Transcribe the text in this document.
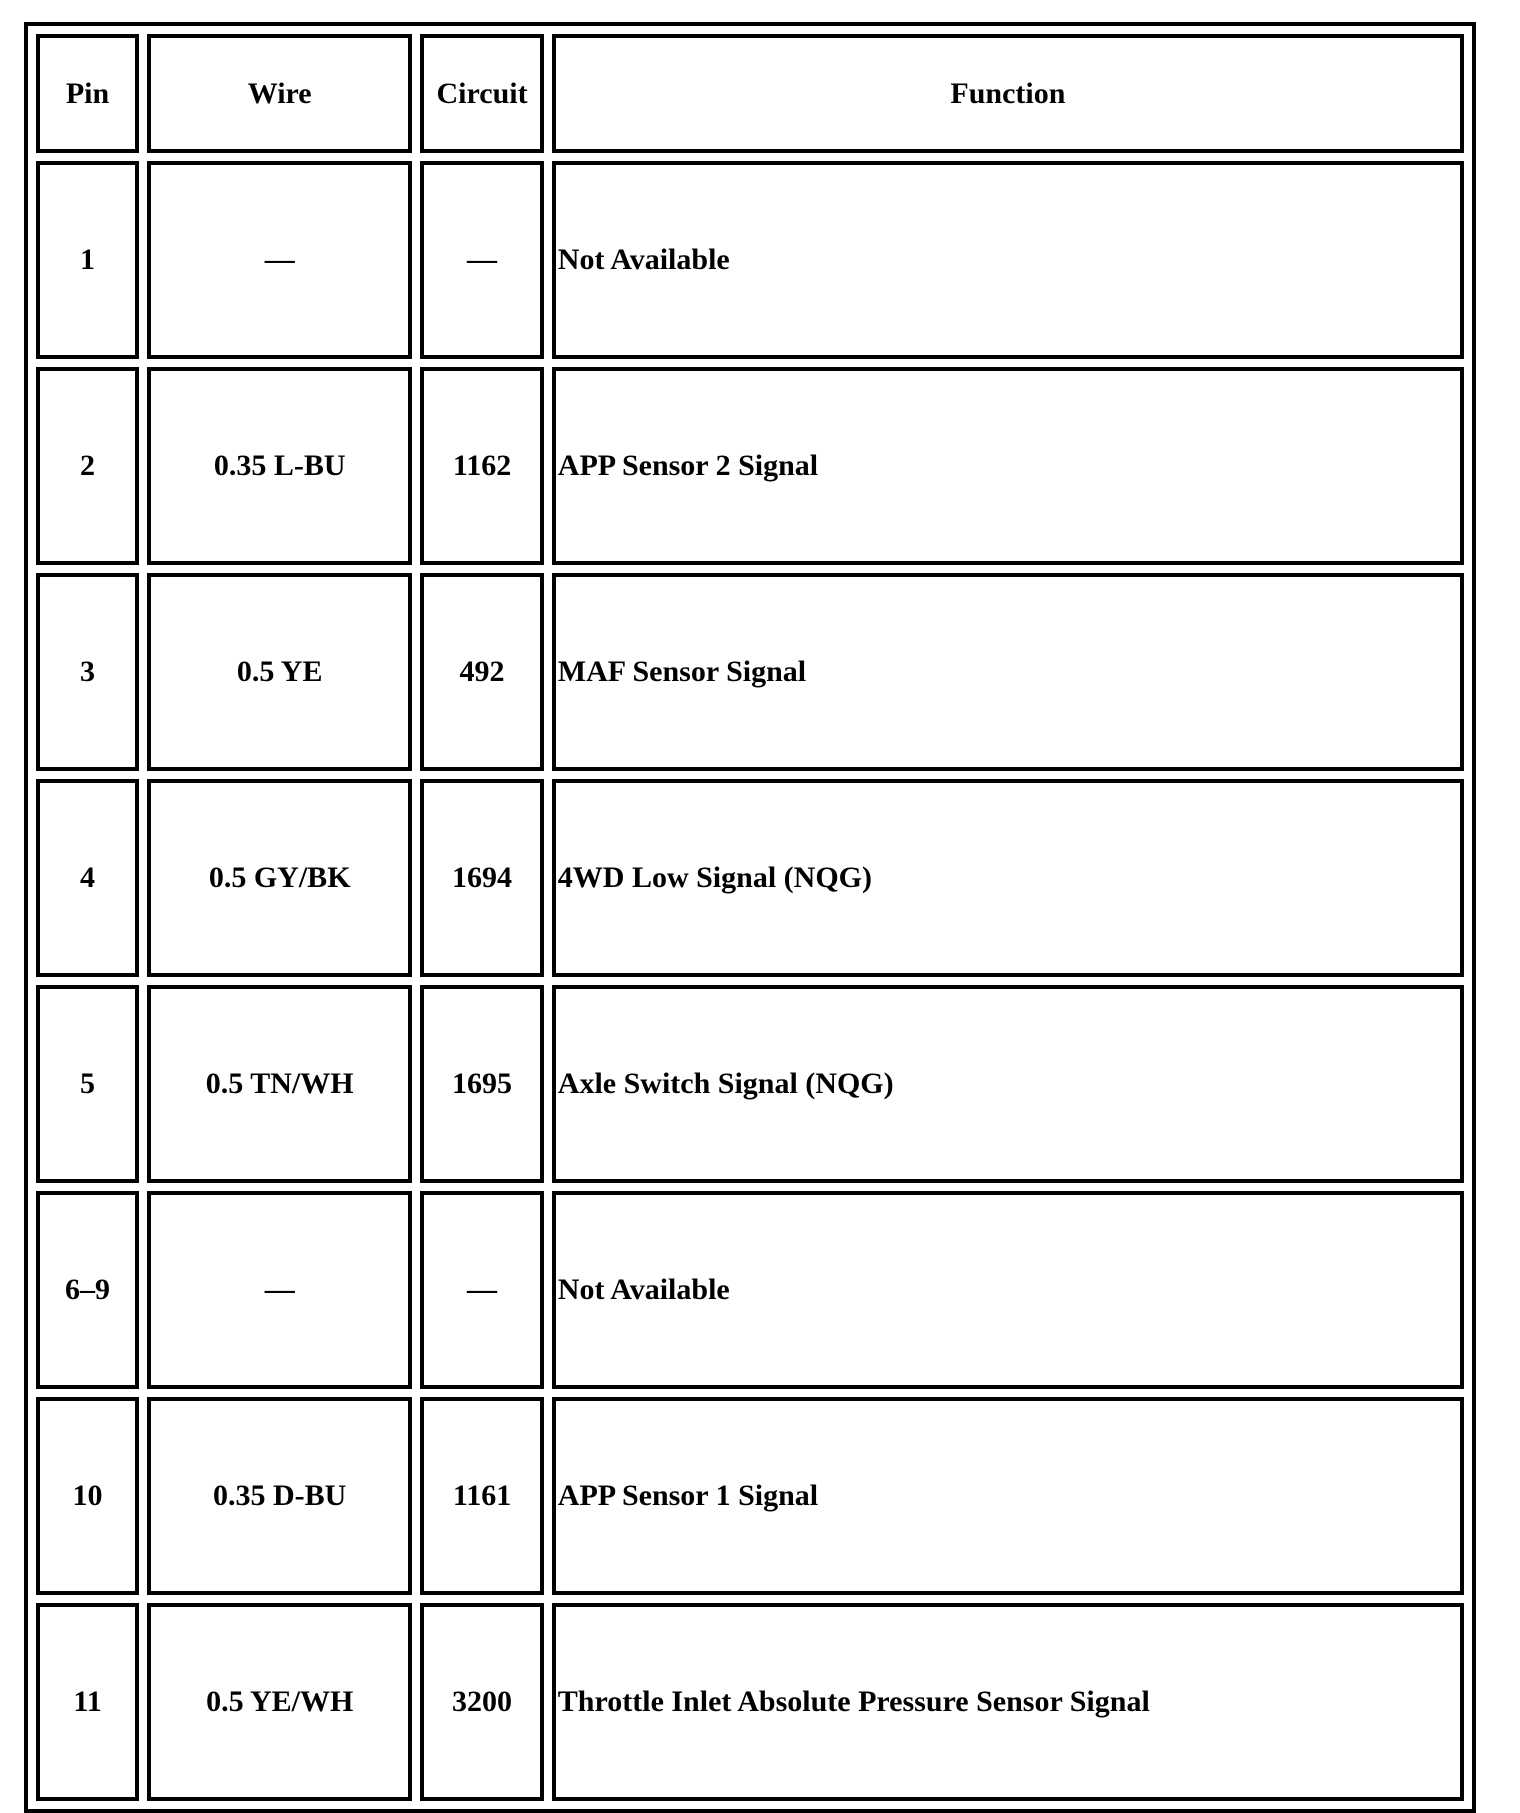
Pin	Wire	Circuit	Function
1	—	—	Not Available
2	0.35 L-BU	1162	APP Sensor 2 Signal
3	0.5 YE	492	MAF Sensor Signal
4	0.5 GY/BK	1694	4WD Low Signal (NQG)
5	0.5 TN/WH	1695	Axle Switch Signal (NQG)
6–9	—	—	Not Available
10	0.35 D-BU	1161	APP Sensor 1 Signal
11	0.5 YE/WH	3200	Throttle Inlet Absolute Pressure Sensor Signal
